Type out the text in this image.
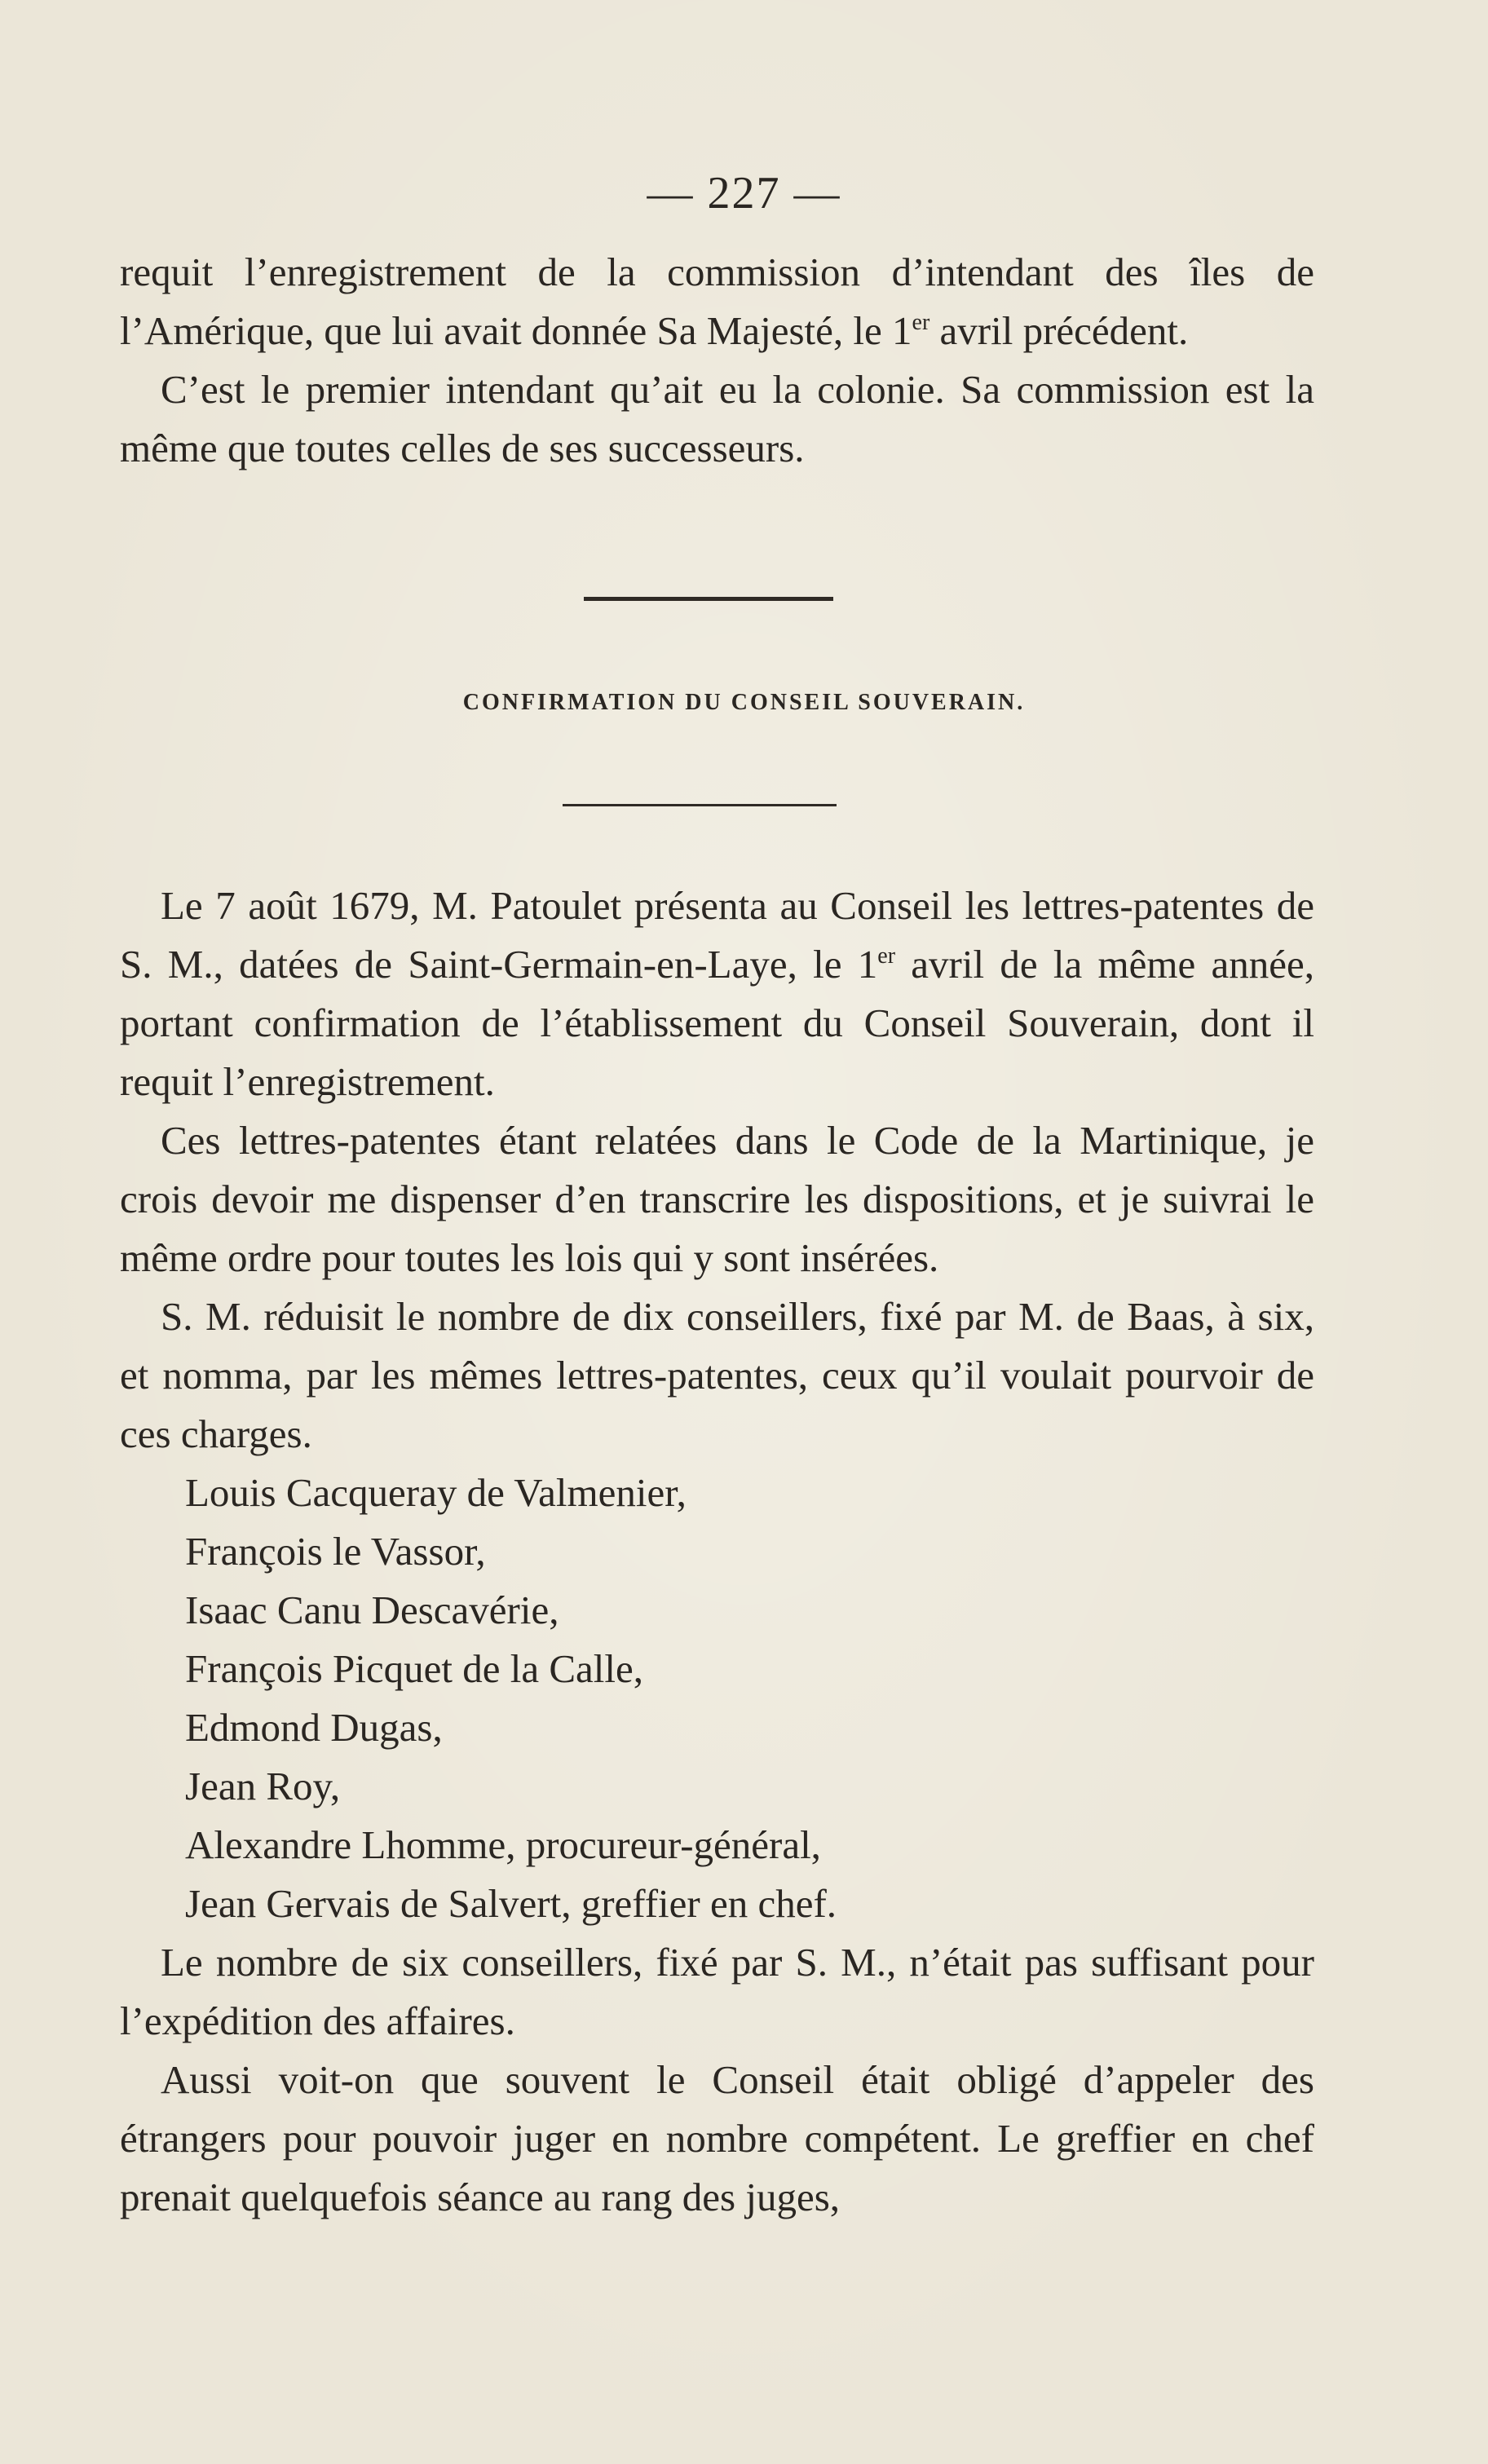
— 227 —

requit l’enregistrement de la commission d’intendant des îles de l’Amérique, que lui avait donnée Sa Majesté, le 1er avril précédent.

C’est le premier intendant qu’ait eu la colonie. Sa commission est la même que toutes celles de ses successeurs.

CONFIRMATION DU CONSEIL SOUVERAIN.

Le 7 août 1679, M. Patoulet présenta au Conseil les lettres-patentes de S. M., datées de Saint-Germain-en-Laye, le 1er avril de la même année, portant confirmation de l’établissement du Conseil Souverain, dont il requit l’enregistrement.

Ces lettres-patentes étant relatées dans le Code de la Martinique, je crois devoir me dispenser d’en transcrire les dispositions, et je suivrai le même ordre pour toutes les lois qui y sont insérées.

S. M. réduisit le nombre de dix conseillers, fixé par M. de Baas, à six, et nomma, par les mêmes lettres-patentes, ceux qu’il voulait pourvoir de ces charges.

Louis Cacqueray de Valmenier,

François le Vassor,

Isaac Canu Descavérie,

François Picquet de la Calle,

Edmond Dugas,

Jean Roy,

Alexandre Lhomme, procureur-général,

Jean Gervais de Salvert, greffier en chef.

Le nombre de six conseillers, fixé par S. M., n’était pas suffisant pour l’expédition des affaires.

Aussi voit-on que souvent le Conseil était obligé d’appeler des étrangers pour pouvoir juger en nombre compétent. Le greffier en chef prenait quelquefois séance au rang des juges,
